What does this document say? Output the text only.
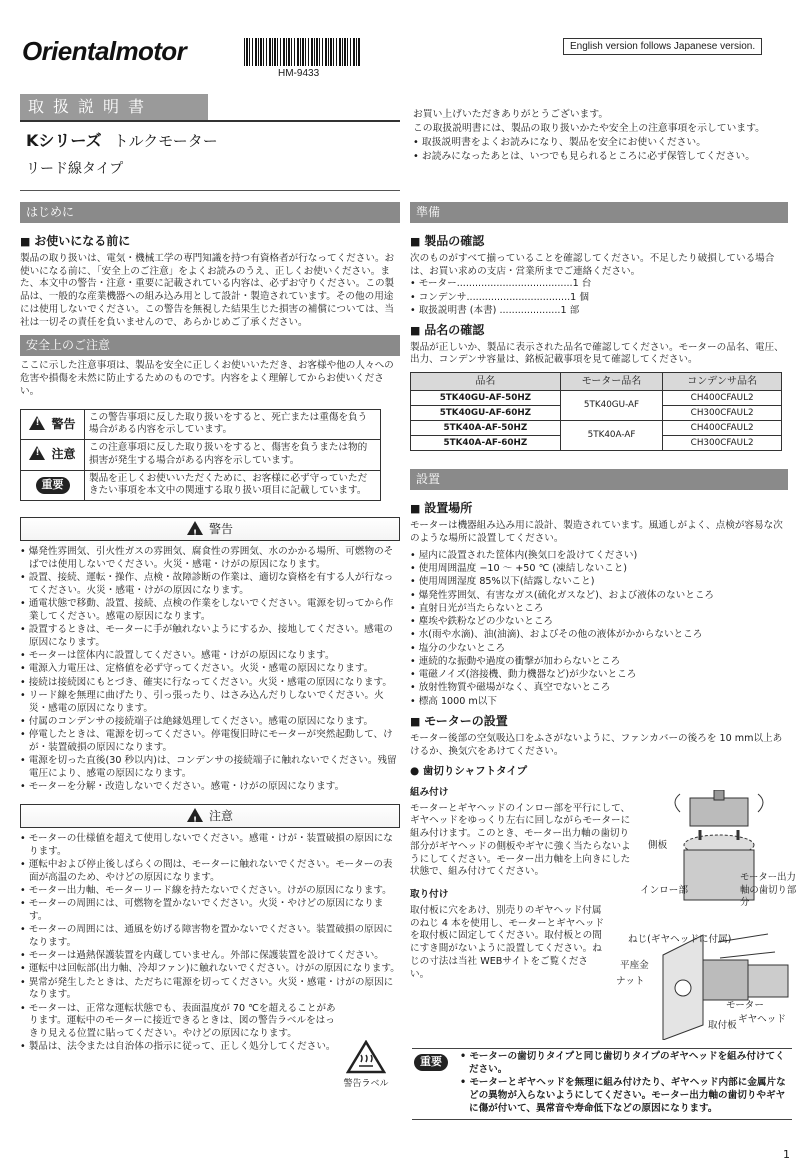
Orientalmotor
HM-9433
English version follows Japanese version.
取扱説明書
Kシリーズ トルクモーター
リード線タイプ

お買い上げいただきありがとうございます。

この取扱説明書には、製品の取り扱いかたや安全上の注意事項を示しています。

• 取扱説明書をよくお読みになり、製品を安全にお使いください。

• お読みになったあとは、いつでも見られるところに必ず保管してください。

はじめに
■ お使いになる前に
製品の取り扱いは、電気・機械工学の専門知識を持つ有資格者が行なってください。お使いになる前に、「安全上のご注意」をよくお読みのうえ、正しくお使いください。また、本文中の警告・注意・重要に記載されている内容は、必ずお守りください。この製品は、一般的な産業機器への組み込み用として設計・製造されています。その他の用途には使用しないでください。この警告を無視した結果生じた損害の補償については、当社は一切その責任を負いませんので、あらかじめご了承ください。
安全上のご注意
ここに示した注意事項は、製品を安全に正しくお使いいただき、お客様や他の人々への危害や損傷を未然に防止するためのものです。内容をよく理解してからお使いください。
!警告	この警告事項に反した取り扱いをすると、死亡または重傷を負う場合がある内容を示しています。
!注意	この注意事項に反した取り扱いをすると、傷害を負うまたは物的損害が発生する場合がある内容を示しています。
重要	製品を正しくお使いいただくために、お客様に必ず守っていただきたい事項を本文中の関連する取り扱い項目に記載しています。
!警告
• 爆発性雰囲気、引火性ガスの雰囲気、腐食性の雰囲気、水のかかる場所、可燃物のそばでは使用しないでください。火災・感電・けがの原因になります。
• 設置、接続、運転・操作、点検・故障診断の作業は、適切な資格を有する人が行なってください。火災・感電・けがの原因になります。
• 通電状態で移動、設置、接続、点検の作業をしないでください。電源を切ってから作業してください。感電の原因になります。
• 設置するときは、モーターに手が触れないようにするか、接地してください。感電の原因になります。
• モーターは筐体内に設置してください。感電・けがの原因になります。
• 電源入力電圧は、定格値を必ず守ってください。火災・感電の原因になります。
• 接続は接続図にもとづき、確実に行なってください。火災・感電の原因になります。
• リード線を無理に曲げたり、引っ張ったり、はさみ込んだりしないでください。火災・感電の原因になります。
• 付属のコンデンサの接続端子は絶縁処理してください。感電の原因になります。
• 停電したときは、電源を切ってください。停電復旧時にモーターが突然起動して、けが・装置破損の原因になります。
• 電源を切った直後(30 秒以内)は、コンデンサの接続端子に触れないでください。残留電圧により、感電の原因になります。
• モーターを分解・改造しないでください。感電・けがの原因になります。
!注意
• モーターの仕様値を超えて使用しないでください。感電・けが・装置破損の原因になります。
• 運転中および停止後しばらくの間は、モーターに触れないでください。モーターの表面が高温のため、やけどの原因になります。
• モーター出力軸、モーターリード線を持たないでください。けがの原因になります。
• モーターの周囲には、可燃物を置かないでください。火災・やけどの原因になります。
• モーターの周囲には、通風を妨げる障害物を置かないでください。装置破損の原因になります。
• モーターは過熱保護装置を内蔵していません。外部に保護装置を設けてください。
• 運転中は回転部(出力軸、冷却ファン)に触れないでください。けがの原因になります。
• 異常が発生したときは、ただちに電源を切ってください。火災・感電・けがの原因になります。
• モーターは、正常な運転状態でも、表面温度が 70 ℃を超えることがあります。運転中のモーターに接近できるときは、図の警告ラベルをはっきり見える位置に貼ってください。やけどの原因になります。
• 製品は、法令または自治体の指示に従って、正しく処分してください。
警告ラベル
準備
■ 製品の確認
次のものがすべて揃っていることを確認してください。不足したり破損している場合は、お買い求めの支店・営業所までご連絡ください。
• モーター......................................1 台
• コンデンサ..................................1 個
• 取扱説明書 (本書) ....................1 部
■ 品名の確認
製品が正しいか、製品に表示された品名で確認してください。モーターの品名、電圧、出力、コンデンサ容量は、銘板記載事項を見て確認してください。
品名	モーター品名	コンデンサ品名
5TK40GU-AF-50HZ	5TK40GU-AF	CH400CFAUL2
5TK40GU-AF-60HZ		CH300CFAUL2
5TK40A-AF-50HZ	5TK40A-AF	CH400CFAUL2
5TK40A-AF-60HZ		CH300CFAUL2
設置
■ 設置場所
モーターは機器組み込み用に設計、製造されています。風通しがよく、点検が容易な次のような場所に設置してください。
• 屋内に設置された筐体内(換気口を設けてください)
• 使用周囲温度 −10 〜 +50 ℃ (凍結しないこと)
• 使用周囲湿度 85%以下(結露しないこと)
• 爆発性雰囲気、有害なガス(硫化ガスなど)、および液体のないところ
• 直射日光が当たらないところ
• 塵埃や鉄粉などの少ないところ
• 水(雨や水滴)、油(油滴)、およびその他の液体がかからないところ
• 塩分の少ないところ
• 連続的な振動や過度の衝撃が加わらないところ
• 電磁ノイズ(溶接機、動力機器など)が少ないところ
• 放射性物質や磁場がなく、真空でないところ
• 標高 1000 m以下
■ モーターの設置
モーター後部の空気吸込口をふさがないように、ファンカバーの後ろを 10 mm以上あけるか、換気穴をあけてください。
● 歯切りシャフトタイプ
組み付け
モーターとギヤヘッドのインロー部を平行にして、ギヤヘッドをゆっくり左右に回しながらモーターに組み付けます。このとき、モーター出力軸の歯切り部分がギヤヘッドの側板やギヤに強く当たらないようにしてください。モーター出力軸を上向きにした状態で、組み付けてください。
取り付け
取付板に穴をあけ、別売りのギヤヘッド付属のねじ 4 本を使用し、モーターとギヤヘッドを取付板に固定してください。取付板との間にすき間がないように設置してください。ねじの寸法は当社 WEBサイトをご覧ください。
側板
インロー部
モーター出力軸の歯切り部分
ねじ(ギヤヘッドに付属)
平座金
ナット
モーター
ギヤヘッド
取付板
重要	• モーターの歯切りタイプと同じ歯切りタイプのギヤヘッドを組み付けてください。
• モーターとギヤヘッドを無理に組み付けたり、ギヤヘッド内部に金属片などの異物が入らないようにしてください。モーター出力軸の歯切りやギヤに傷が付いて、異常音や寿命低下などの原因になります。
1
